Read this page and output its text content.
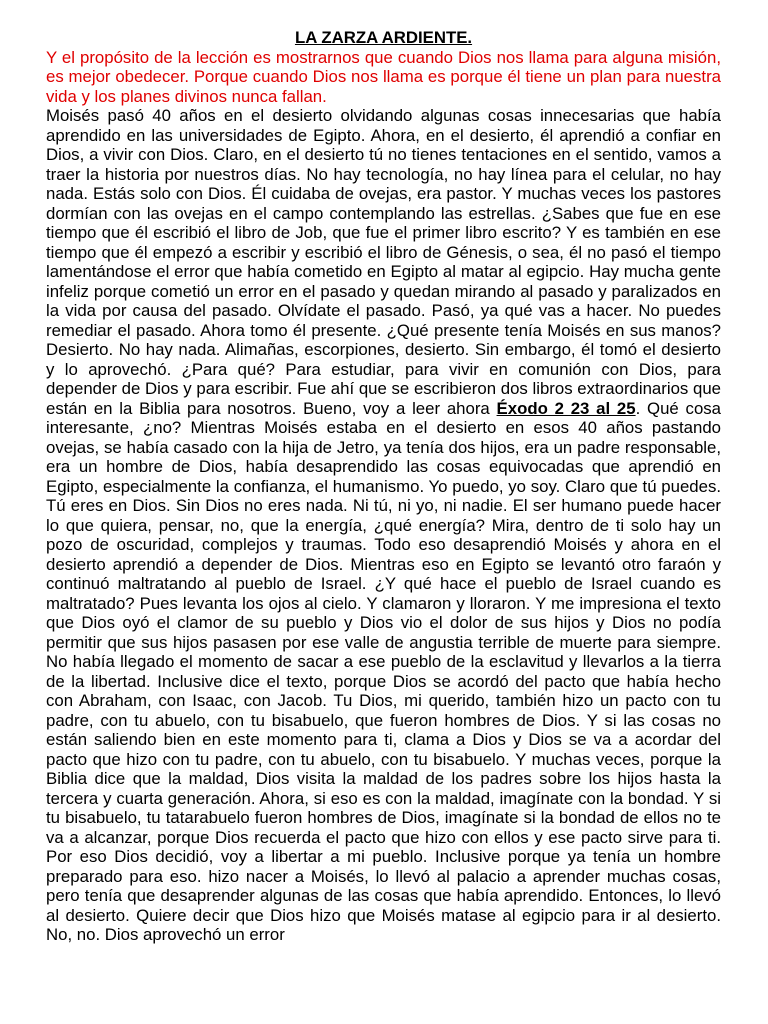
LA ZARZA ARDIENTE.

Y el propósito de la lección es mostrarnos que cuando Dios nos llama para alguna misión, es mejor obedecer. Porque cuando Dios nos llama es porque él tiene un plan para nuestra vida y los planes divinos nunca fallan.

Moisés pasó 40 años en el desierto olvidando algunas cosas innecesarias que había aprendido en las universidades de Egipto. Ahora, en el desierto, él aprendió a confiar en Dios, a vivir con Dios. Claro, en el desierto tú no tienes tentaciones en el sentido, vamos a traer la historia por nuestros días. No hay tecnología, no hay línea para el celular, no hay nada. Estás solo con Dios. Él cuidaba de ovejas, era pastor. Y muchas veces los pastores dormían con las ovejas en el campo contemplando las estrellas. ¿Sabes que fue en ese tiempo que él escribió el libro de Job, que fue el primer libro escrito? Y es también en ese tiempo que él empezó a escribir y escribió el libro de Génesis, o sea, él no pasó el tiempo lamentándose el error que había cometido en Egipto al matar al egipcio. Hay mucha gente infeliz porque cometió un error en el pasado y quedan mirando al pasado y paralizados en la vida por causa del pasado. Olvídate el pasado. Pasó, ya qué vas a hacer. No puedes remediar el pasado. Ahora tomo él presente. ¿Qué presente tenía Moisés en sus manos? Desierto. No hay nada. Alimañas, escorpiones, desierto. Sin embargo, él tomó el desierto y lo aprovechó. ¿Para qué? Para estudiar, para vivir en comunión con Dios, para depender de Dios y para escribir. Fue ahí que se escribieron dos libros extraordinarios que están en la Biblia para nosotros. Bueno, voy a leer ahora Éxodo 2 23 al 25. Qué cosa interesante, ¿no? Mientras Moisés estaba en el desierto en esos 40 años pastando ovejas, se había casado con la hija de Jetro, ya tenía dos hijos, era un padre responsable, era un hombre de Dios, había desaprendido las cosas equivocadas que aprendió en Egipto, especialmente la confianza, el humanismo. Yo puedo, yo soy. Claro que tú puedes. Tú eres en Dios. Sin Dios no eres nada. Ni tú, ni yo, ni nadie. El ser humano puede hacer lo que quiera, pensar, no, que la energía, ¿qué energía? Mira, dentro de ti solo hay un pozo de oscuridad, complejos y traumas. Todo eso desaprendió Moisés y ahora en el desierto aprendió a depender de Dios. Mientras eso en Egipto se levantó otro faraón y continuó maltratando al pueblo de Israel. ¿Y qué hace el pueblo de Israel cuando es maltratado? Pues levanta los ojos al cielo. Y clamaron y lloraron. Y me impresiona el texto que Dios oyó el clamor de su pueblo y Dios vio el dolor de sus hijos y Dios no podía permitir que sus hijos pasasen por ese valle de angustia terrible de muerte para siempre. No había llegado el momento de sacar a ese pueblo de la esclavitud y llevarlos a la tierra de la libertad. Inclusive dice el texto, porque Dios se acordó del pacto que había hecho con Abraham, con Isaac, con Jacob. Tu Dios, mi querido, también hizo un pacto con tu padre, con tu abuelo, con tu bisabuelo, que fueron hombres de Dios. Y si las cosas no están saliendo bien en este momento para ti, clama a Dios y Dios se va a acordar del pacto que hizo con tu padre, con tu abuelo, con tu bisabuelo. Y muchas veces, porque la Biblia dice que la maldad, Dios visita la maldad de los padres sobre los hijos hasta la tercera y cuarta generación. Ahora, si eso es con la maldad, imagínate con la bondad. Y si tu bisabuelo, tu tatarabuelo fueron hombres de Dios, imagínate si la bondad de ellos no te va a alcanzar, porque Dios recuerda el pacto que hizo con ellos y ese pacto sirve para ti. Por eso Dios decidió, voy a libertar a mi pueblo. Inclusive porque ya tenía un hombre preparado para eso. hizo nacer a Moisés, lo llevó al palacio a aprender muchas cosas, pero tenía que desaprender algunas de las cosas que había aprendido. Entonces, lo llevó al desierto. Quiere decir que Dios hizo que Moisés matase al egipcio para ir al desierto. No, no. Dios aprovechó un error
